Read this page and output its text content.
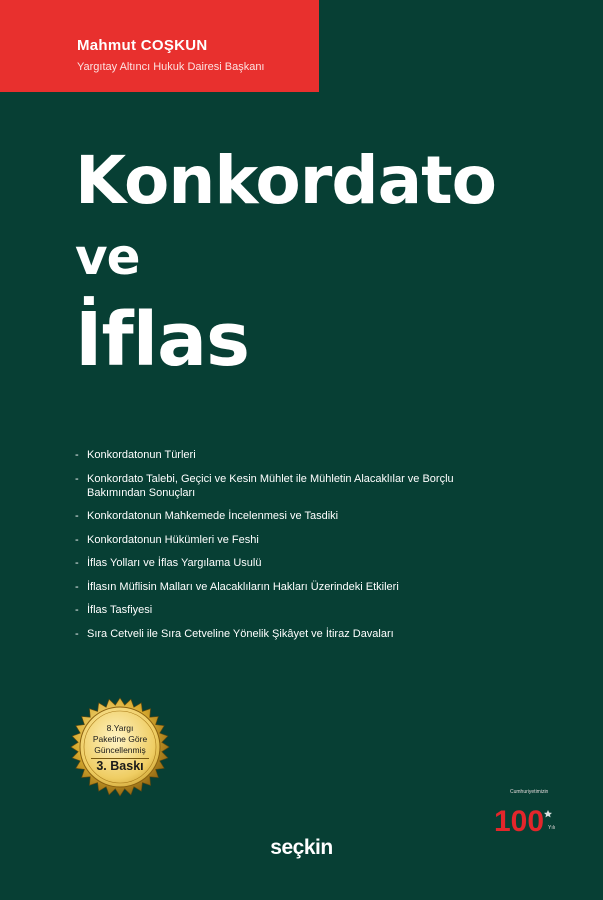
Mahmut COŞKUN
Yargıtay Altıncı Hukuk Dairesi Başkanı
Konkordato
ve
İflas
- Konkordatonun Türleri
- Konkordato Talebi, Geçici ve Kesin Mühlet ile Mühletin Alacaklılar ve Borçlu Bakımından Sonuçları
- Konkordatonun Mahkemede İncelenmesi ve Tasdiki
- Konkordatonun Hükümleri ve Feshi
- İflas Yolları ve İflas Yargılama Usulü
- İflasın Müflisin Malları ve Alacaklıların Hakları Üzerindeki Etkileri
- İflas Tasfiyesi
- Sıra Cetveli ile Sıra Cetveline Yönelik Şikâyet ve İtiraz Davaları
8.Yargı
Paketine Göre
Güncellenmiş
3. Baskı
Cumhuriyetimizin
100 Yılı
seçkin
